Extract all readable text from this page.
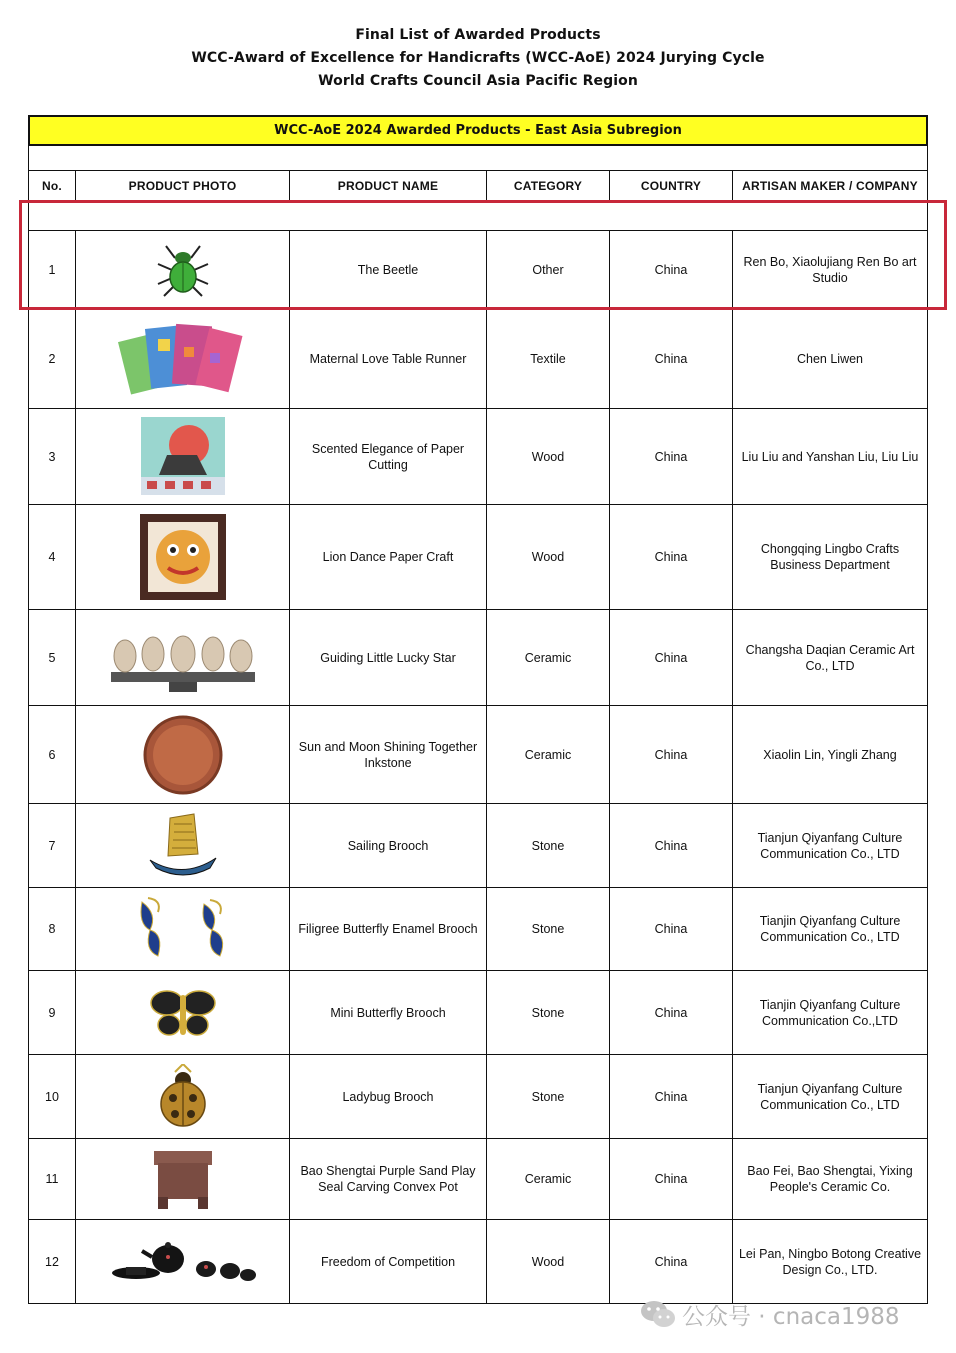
Final List of Awarded Products
WCC-Award of Excellence for Handicrafts (WCC-AoE) 2024 Jurying Cycle
World Crafts Council Asia Pacific Region
WCC-AoE 2024 Awarded Products - East Asia Subregion
No.	PRODUCT PHOTO	PRODUCT NAME	CATEGORY	COUNTRY	ARTISAN MAKER / COMPANY

1		The Beetle	Other	China	Ren Bo, Xiaolujiang Ren Bo art Studio
2		Maternal Love Table Runner	Textile	China	Chen Liwen
3		Scented Elegance of Paper Cutting	Wood	China	Liu Liu and Yanshan Liu, Liu Liu
4		Lion Dance Paper Craft	Wood	China	Chongqing Lingbo Crafts Business Department
5		Guiding Little Lucky Star	Ceramic	China	Changsha Daqian Ceramic Art Co., LTD
6		Sun and Moon Shining Together Inkstone	Ceramic	China	Xiaolin Lin, Yingli Zhang
7		Sailing Brooch	Stone	China	Tianjun Qiyanfang Culture Communication Co., LTD
8		Filigree Butterfly Enamel Brooch	Stone	China	Tianjin Qiyanfang Culture Communication Co., LTD
9		Mini Butterfly Brooch	Stone	China	Tianjin Qiyanfang Culture Communication Co.,LTD
10		Ladybug Brooch	Stone	China	Tianjun Qiyanfang Culture Communication Co., LTD
11		Bao Shengtai Purple Sand Play Seal Carving Convex Pot	Ceramic	China	Bao Fei, Bao Shengtai, Yixing People's Ceramic Co.
12		Freedom of Competition	Wood	China	Lei Pan, Ningbo Botong Creative Design Co., LTD.
公众号 · cnaca1988
